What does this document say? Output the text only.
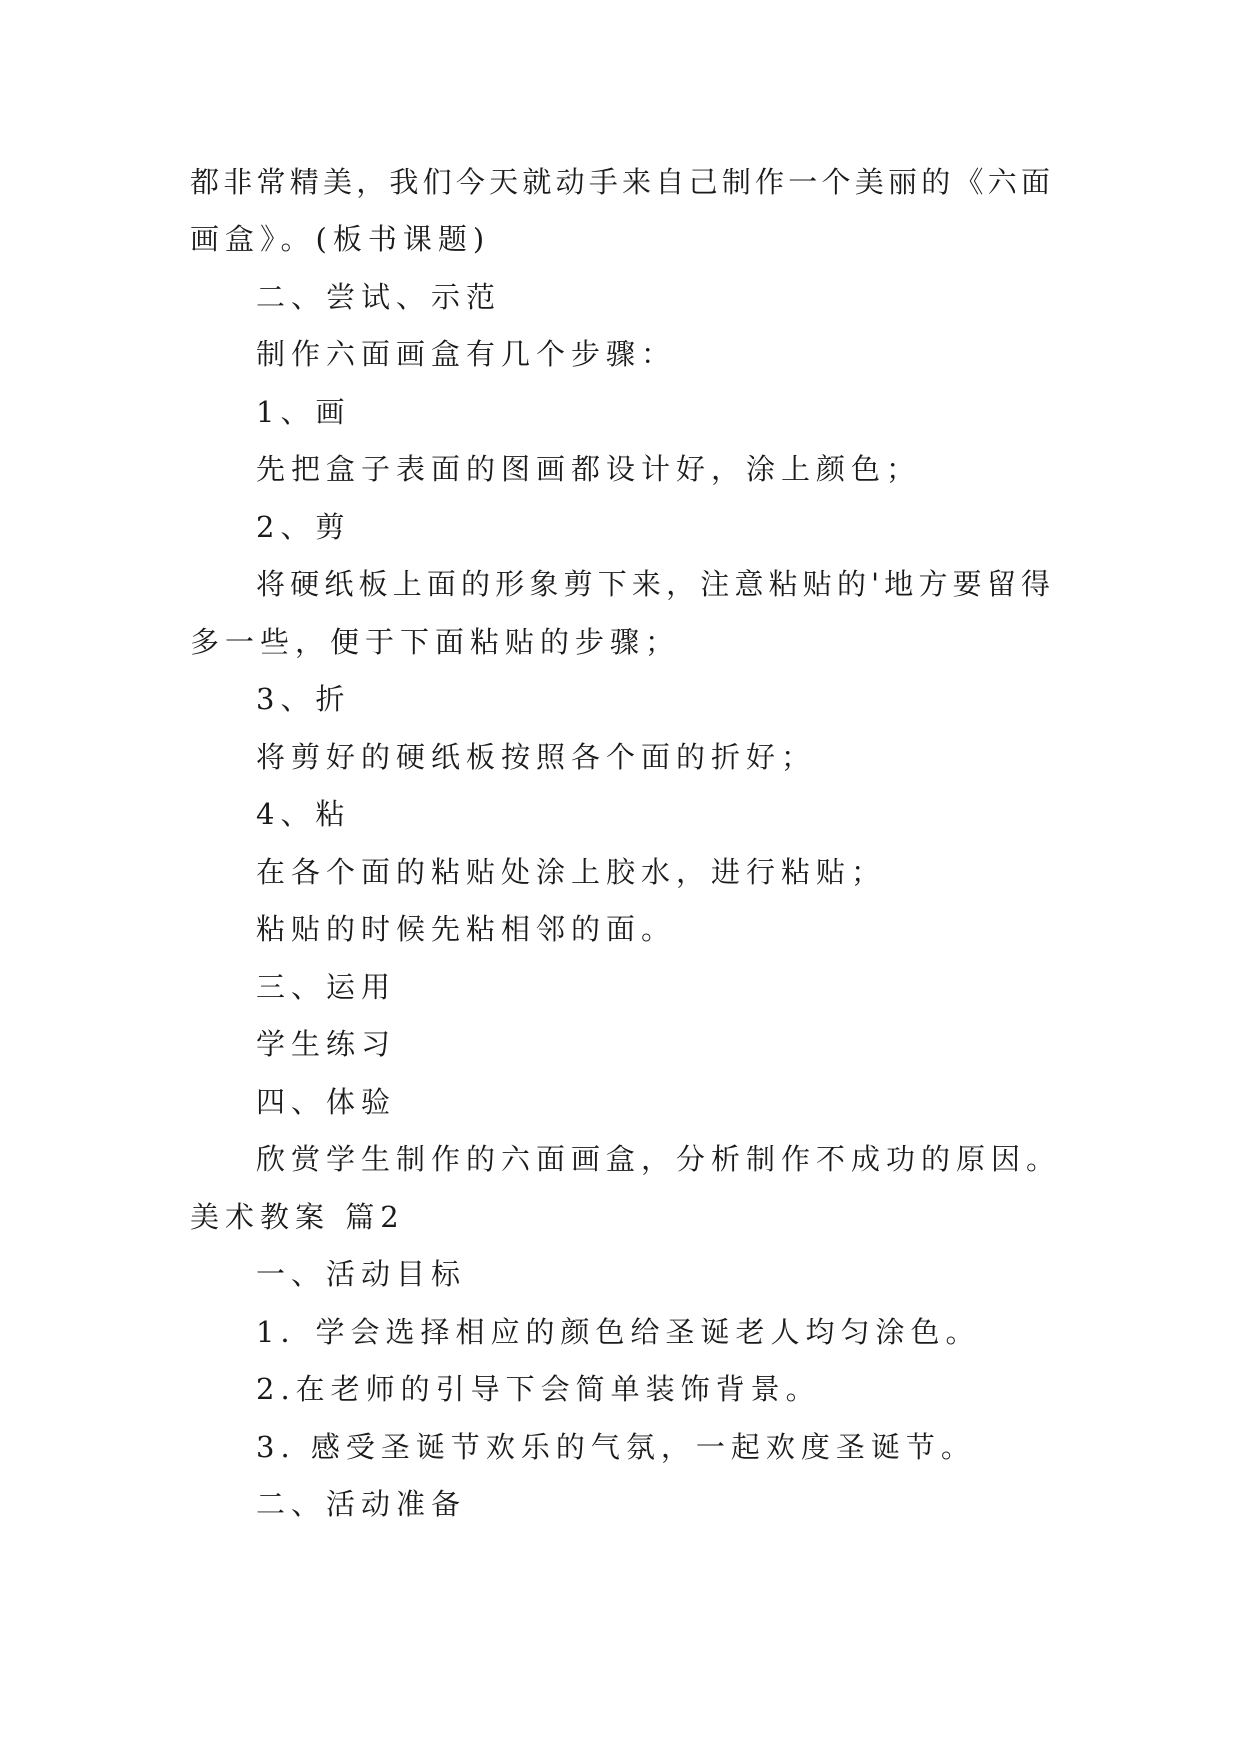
都非常精美，我们今天就动手来自己制作一个美丽的《六面
画盒》。(板书课题)
二、尝试、示范
制作六面画盒有几个步骤：
1、画
先把盒子表面的图画都设计好，涂上颜色；
2、剪
将硬纸板上面的形象剪下来，注意粘贴的'地方要留得
多一些，便于下面粘贴的步骤；
3、折
将剪好的硬纸板按照各个面的折好；
4、粘
在各个面的粘贴处涂上胶水，进行粘贴；
粘贴的时候先粘相邻的面。
三、运用
学生练习
四、体验
欣赏学生制作的六面画盒，分析制作不成功的原因。
美术教案 篇2
一、活动目标
1．学会选择相应的颜色给圣诞老人均匀涂色。
2.在老师的引导下会简单装饰背景。
3. 感受圣诞节欢乐的气氛，一起欢度圣诞节。
二、活动准备
